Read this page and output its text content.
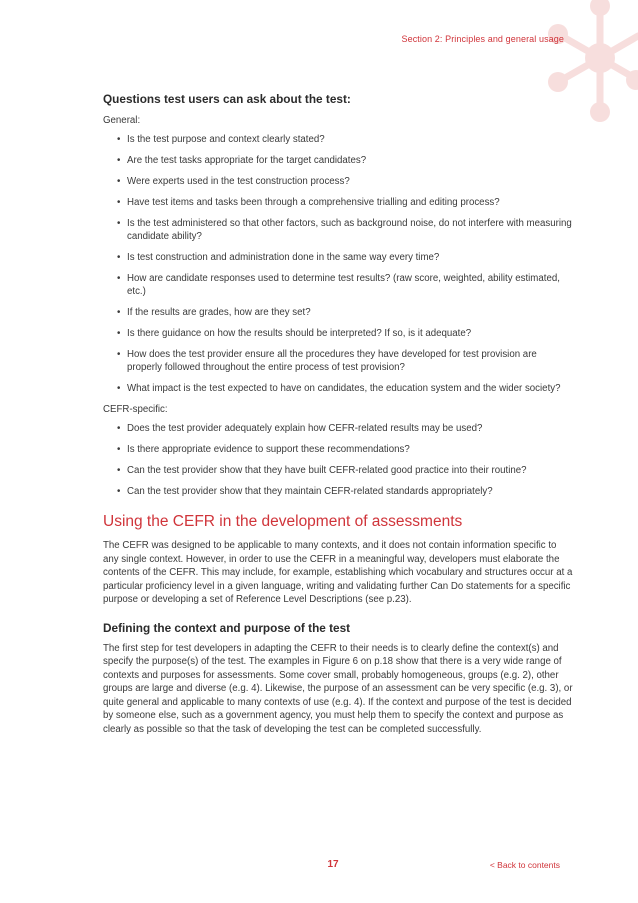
Section 2: Principles and general usage
Questions test users can ask about the test:

General:

• Is the test purpose and context clearly stated?
• Are the test tasks appropriate for the target candidates?
• Were experts used in the test construction process?
• Have test items and tasks been through a comprehensive trialling and editing process?
• Is the test administered so that other factors, such as background noise, do not interfere with measuring candidate ability?
• Is test construction and administration done in the same way every time?
• How are candidate responses used to determine test results? (raw score, weighted, ability estimated, etc.)
• If the results are grades, how are they set?
• Is there guidance on how the results should be interpreted? If so, is it adequate?
• How does the test provider ensure all the procedures they have developed for test provision are properly followed throughout the entire process of test provision?
• What impact is the test expected to have on candidates, the education system and the wider society?

CEFR-specific:

• Does the test provider adequately explain how CEFR-related results may be used?
• Is there appropriate evidence to support these recommendations?
• Can the test provider show that they have built CEFR-related good practice into their routine?
• Can the test provider show that they maintain CEFR-related standards appropriately?
Using the CEFR in the development of assessments

The CEFR was designed to be applicable to many contexts, and it does not contain information specific to any single context. However, in order to use the CEFR in a meaningful way, developers must elaborate the contents of the CEFR. This may include, for example, establishing which vocabulary and structures occur at a particular proficiency level in a given language, writing and validating further Can Do statements for a specific purpose or developing a set of Reference Level Descriptions (see p.23).

Defining the context and purpose of the test

The first step for test developers in adapting the CEFR to their needs is to clearly define the context(s) and specify the purpose(s) of the test. The examples in Figure 6 on p.18 show that there is a very wide range of contexts and purposes for assessments. Some cover small, probably homogeneous, groups (e.g. 2), other groups are large and diverse (e.g. 4). Likewise, the purpose of an assessment can be very specific (e.g. 3), or quite general and applicable to many contexts of use (e.g. 4). If the context and purpose of the test is decided by someone else, such as a government agency, you must help them to specify the context and purpose as clearly as possible so that the task of developing the test can be completed successfully.

17	< Back to contents
